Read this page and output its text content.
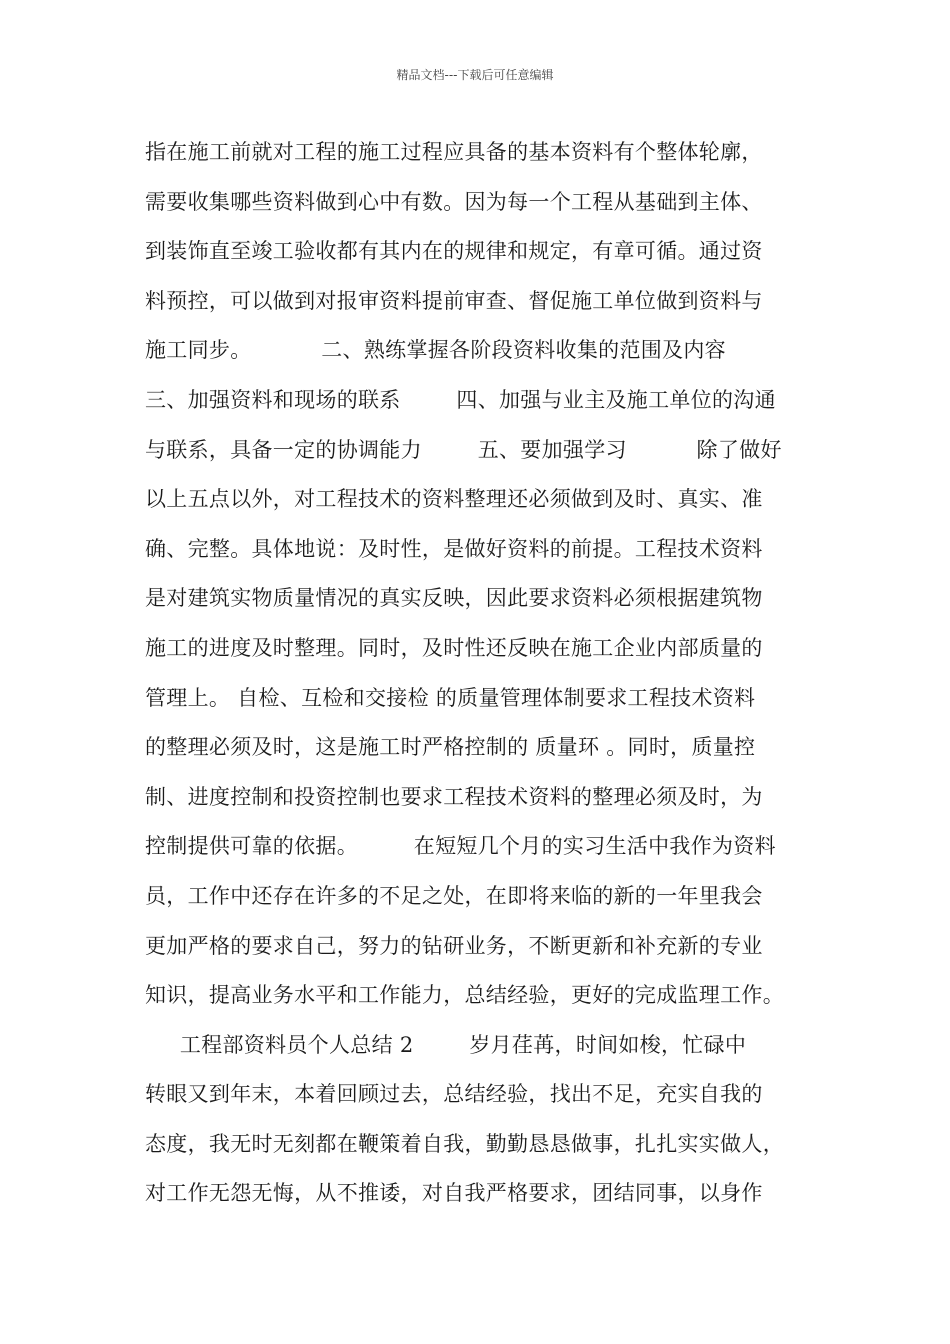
精品文档---下载后可任意编辑
指在施工前就对工程的施工过程应具备的基本资料有个整体轮廓，
需要收集哪些资料做到心中有数。因为每一个工程从基础到主体、
到装饰直至竣工验收都有其内在的规律和规定，有章可循。通过资
料预控，可以做到对报审资料提前审查、督促施工单位做到资料与
施工同步。          二、熟练掌握各阶段资料收集的范围及内容
三、加强资料和现场的联系        四、加强与业主及施工单位的沟通
与联系，具备一定的协调能力        五、要加强学习          除了做好
以上五点以外，对工程技术的资料整理还必须做到及时、真实、准
确、完整。具体地说：及时性，是做好资料的前提。工程技术资料
是对建筑实物质量情况的真实反映，因此要求资料必须根据建筑物
施工的进度及时整理。同时，及时性还反映在施工企业内部质量的
管理上。 自检、互检和交接检 的质量管理体制要求工程技术资料
的整理必须及时，这是施工时严格控制的 质量环 。同时，质量控
制、进度控制和投资控制也要求工程技术资料的整理必须及时，为
控制提供可靠的依据。        在短短几个月的实习生活中我作为资料
员，工作中还存在许多的不足之处，在即将来临的新的一年里我会
更加严格的要求自己，努力的钻研业务，不断更新和补充新的专业
知识，提高业务水平和工作能力，总结经验，更好的完成监理工作。
工程部资料员个人总结 2        岁月荏苒，时间如梭，忙碌中
转眼又到年末，本着回顾过去，总结经验，找出不足，充实自我的
态度，我无时无刻都在鞭策着自我，勤勤恳恳做事，扎扎实实做人，
对工作无怨无悔，从不推诿，对自我严格要求，团结同事，以身作
